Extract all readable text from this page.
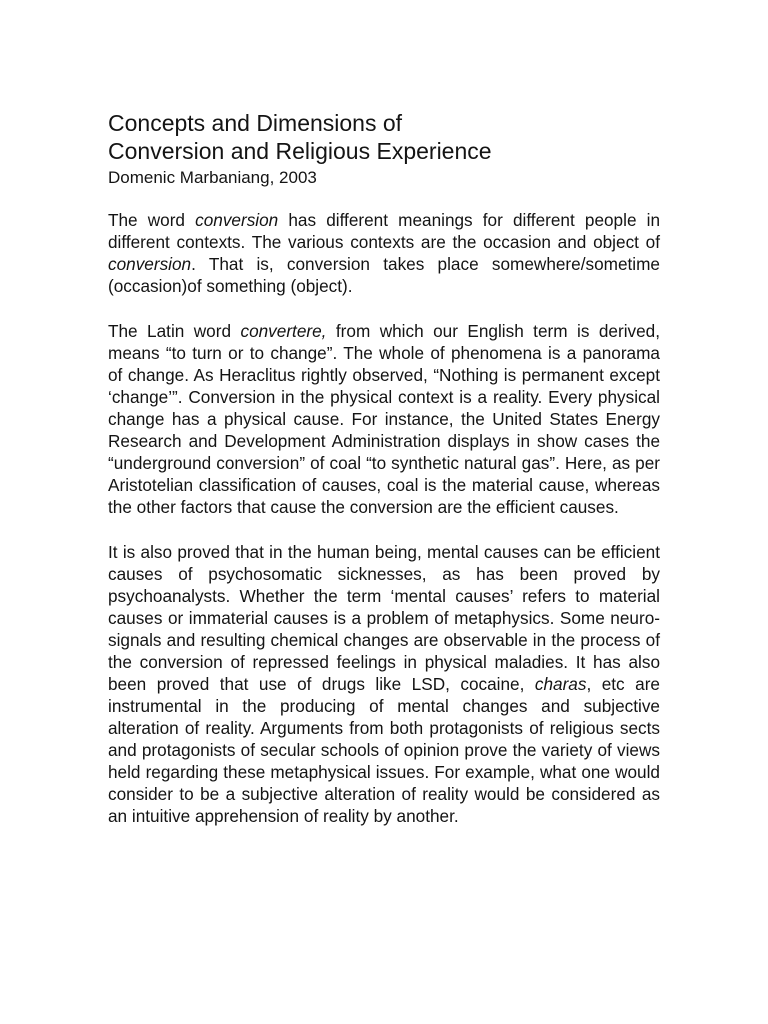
Concepts and Dimensions of
Conversion and Religious Experience

Domenic Marbaniang, 2003

The word conversion has different meanings for different people in different contexts. The various contexts are the occasion and object of conversion. That is, conversion takes place somewhere/sometime (occasion)of something (object).

The Latin word convertere, from which our English term is derived, means “to turn or to change”. The whole of phenomena is a panorama of change. As Heraclitus rightly observed, “Nothing is permanent except ‘change’”. Conversion in the physical context is a reality. Every physical change has a physical cause. For instance, the United States Energy Research and Development Administration displays in show cases the “underground conversion” of coal “to synthetic natural gas”. Here, as per Aristotelian classification of causes, coal is the material cause, whereas the other factors that cause the conversion are the efficient causes.

It is also proved that in the human being, mental causes can be efficient causes of psychosomatic sicknesses, as has been proved by psychoanalysts. Whether the term ‘mental causes’ refers to material causes or immaterial causes is a problem of metaphysics. Some neuro-signals and resulting chemical changes are observable in the process of the conversion of repressed feelings in physical maladies. It has also been proved that use of drugs like LSD, cocaine, charas, etc are instrumental in the producing of mental changes and subjective alteration of reality. Arguments from both protagonists of religious sects and protagonists of secular schools of opinion prove the variety of views held regarding these metaphysical issues. For example, what one would consider to be a subjective alteration of reality would be considered as an intuitive apprehension of reality by another.
